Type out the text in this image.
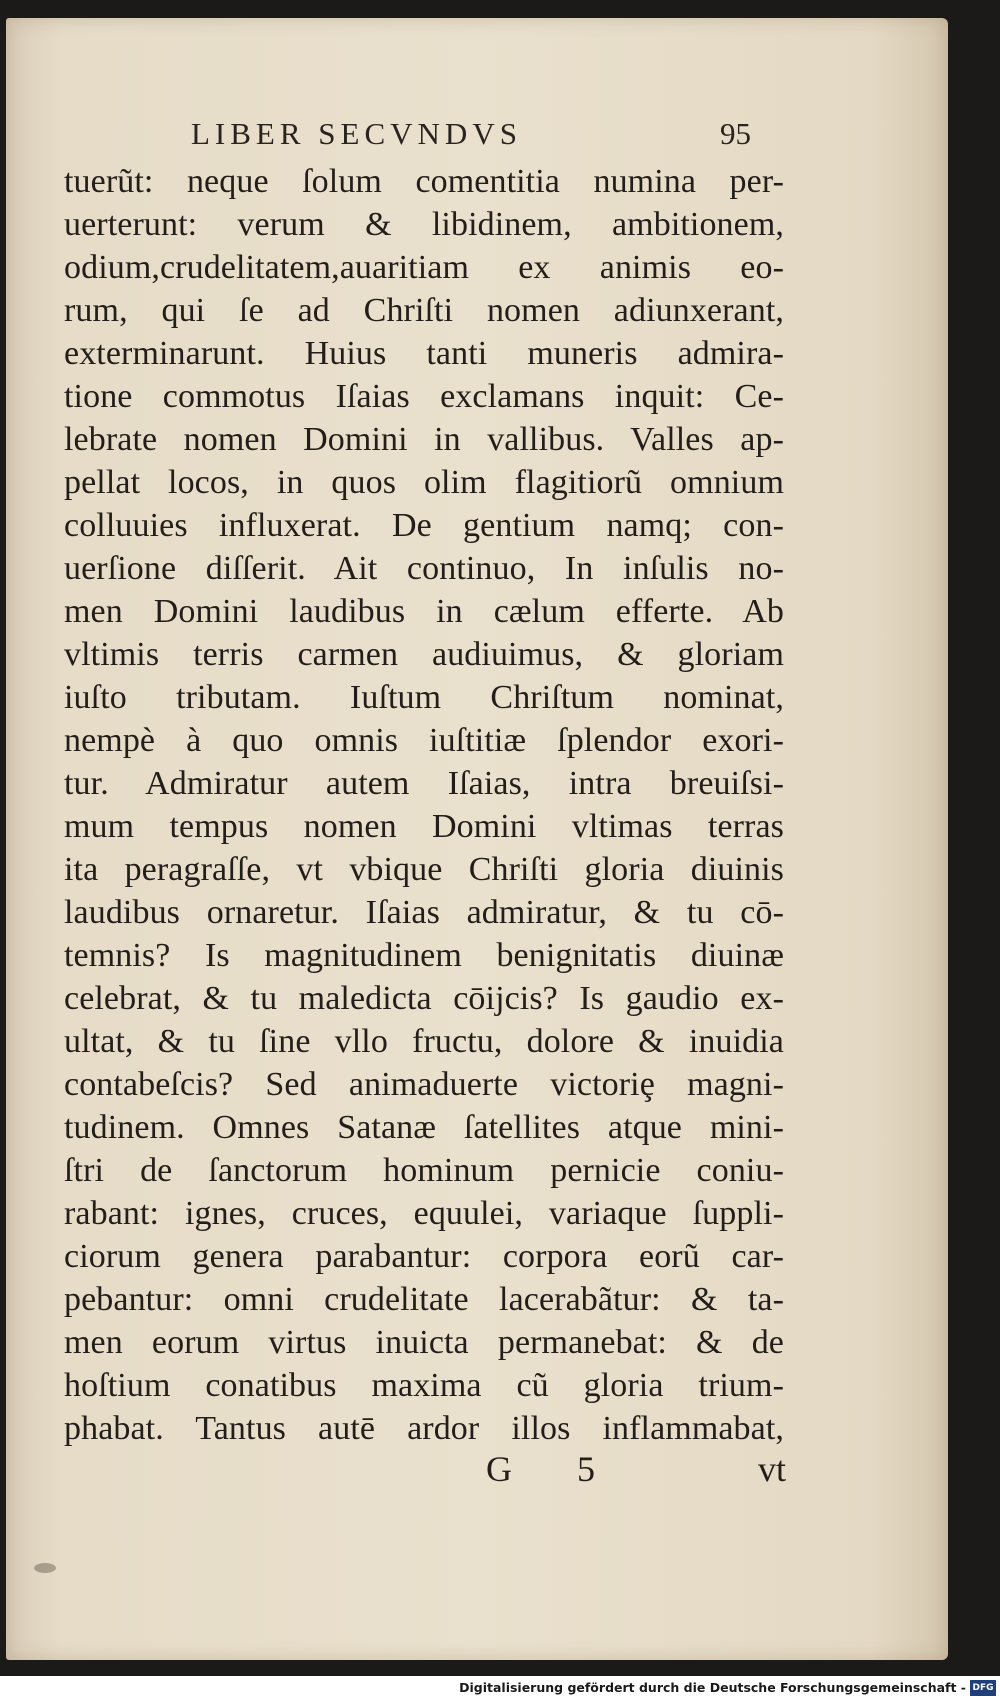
LIBER SECVNDVS	95
tuerũt: neque ſolum comentitia numina per-
uerterunt: verum & libidinem, ambitionem,
odium,crudelitatem,auaritiam ex animis eo-
rum, qui ſe ad Chriſti nomen adiunxerant,
exterminarunt. Huius tanti muneris admira-
tione commotus Iſaias exclamans inquit: Ce-
lebrate nomen Domini in vallibus. Valles ap-
pellat locos, in quos olim flagitiorũ omnium
colluuies influxerat. De gentium namq; con-
uerſione diſſerit. Ait continuo, In inſulis no-
men Domini laudibus in cælum efferte. Ab
vltimis terris carmen audiuimus, & gloriam
iuſto tributam. Iuſtum Chriſtum nominat,
nempè à quo omnis iuſtitiæ ſplendor exori-
tur. Admiratur autem Iſaias, intra breuiſsi-
mum tempus nomen Domini vltimas terras
ita peragraſſe, vt vbique Chriſti gloria diuinis
laudibus ornaretur. Iſaias admiratur, & tu cō-
temnis? Is magnitudinem benignitatis diuinæ
celebrat, & tu maledicta cōijcis? Is gaudio ex-
ultat, & tu ſine vllo fructu, dolore & inuidia
contabeſcis? Sed animaduerte victoriȩ magni-
tudinem. Omnes Satanæ ſatellites atque mini-
ſtri de ſanctorum hominum pernicie coniu-
rabant: ignes, cruces, equulei, variaque ſuppli-
ciorum genera parabantur: corpora eorũ car-
pebantur: omni crudelitate lacerabãtur: & ta-
men eorum virtus inuicta permanebat: & de
hoſtium conatibus maxima cũ gloria trium-
phabat. Tantus autē ardor illos inflammabat,
G 5	vt
Digitalisierung gefördert durch die Deutsche Forschungsgemeinschaft - DFG
